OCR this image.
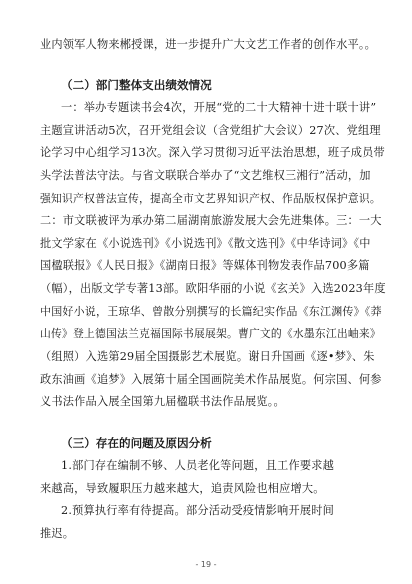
业内领军人物来郴授课，进一步提升广大文艺工作者的创作水平。。
（二）部门整体支出绩效情况
一：举办专题读书会4次，开展“党的二十大精神十进十联十讲”
主题宣讲活动5次，召开党组会议（含党组扩大会议）27次、党组理
论学习中心组学习13次。深入学习贯彻习近平法治思想，班子成员带
头学法普法守法。与省文联联合举办了“文艺维权三湘行”活动，加
强知识产权普法宣传，提高全市文艺界知识产权、作品版权保护意识。
二：市文联被评为承办第二届湖南旅游发展大会先进集体。三：一大
批文学家在《小说选刊》《小说选刊》《散文选刊》《中华诗词》《中
国楹联报》《人民日报》《湖南日报》等媒体刊物发表作品700多篇
（幅），出版文学专著13部。欧阳华丽的小说《玄关》入选2023年度
中国好小说，王琼华、曾散分别撰写的长篇纪实作品《东江渊传》《莽
山传》登上德国法兰克福国际书展展架。曹广文的《水墨东江出岫来》
（组照）入选第29届全国摄影艺术展览。谢日升国画《逐•梦》、朱
政东油画《追梦》入展第十届全国画院美术作品展览。何宗国、何参
义书法作品入展全国第九届楹联书法作品展览。。
（三）存在的问题及原因分析
1.部门存在编制不够、人员老化等问题，且工作要求越
来越高，导致履职压力越来越大，追责风险也相应增大。
2.预算执行率有待提高。部分活动受疫情影响开展时间
推迟。
- 19 -
